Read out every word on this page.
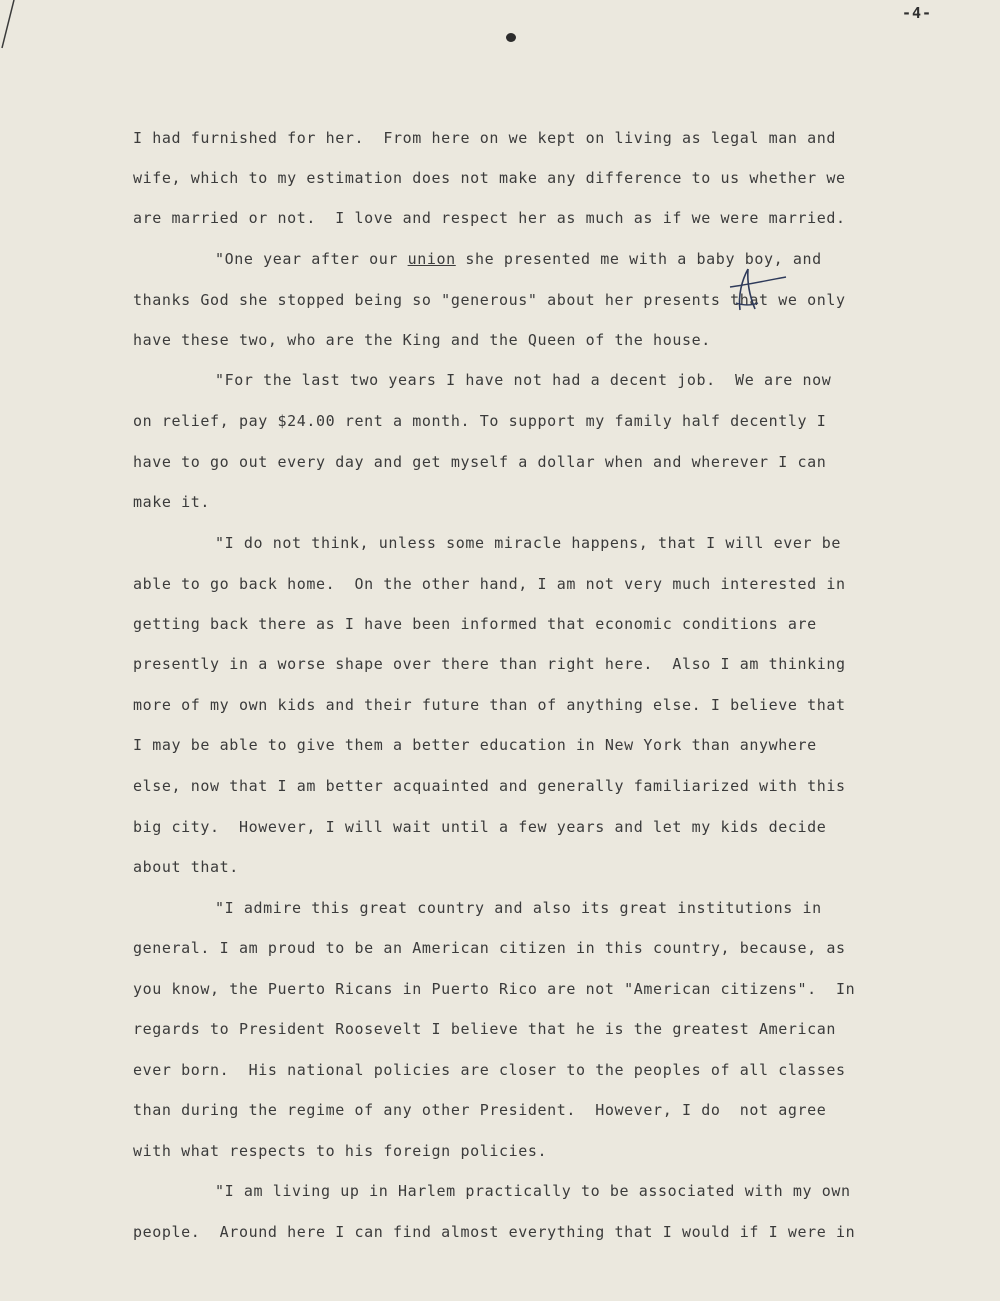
-4-
I had furnished for her.  From here on we kept on living as legal man and
wife, which to my estimation does not make any difference to us whether we
are married or not.  I love and respect her as much as if we were married.
"One year after our union she presented me with a baby boy, and
thanks God she stopped being so "generous" about her presents that we only
have these two, who are the King and the Queen of the house.
"For the last two years I have not had a decent job.  We are now
on relief, pay $24.00 rent a month. To support my family half decently I
have to go out every day and get myself a dollar when and wherever I can
make it.
"I do not think, unless some miracle happens, that I will ever be
able to go back home.  On the other hand, I am not very much interested in
getting back there as I have been informed that economic conditions are
presently in a worse shape over there than right here.  Also I am thinking
more of my own kids and their future than of anything else. I believe that
I may be able to give them a better education in New York than anywhere
else, now that I am better acquainted and generally familiarized with this
big city.  However, I will wait until a few years and let my kids decide
about that.
"I admire this great country and also its great institutions in
general. I am proud to be an American citizen in this country, because, as
you know, the Puerto Ricans in Puerto Rico are not "American citizens".  In
regards to President Roosevelt I believe that he is the greatest American
ever born.  His national policies are closer to the peoples of all classes
than during the regime of any other President.  However, I do  not agree
with what respects to his foreign policies.
"I am living up in Harlem practically to be associated with my own
people.  Around here I can find almost everything that I would if I were in
